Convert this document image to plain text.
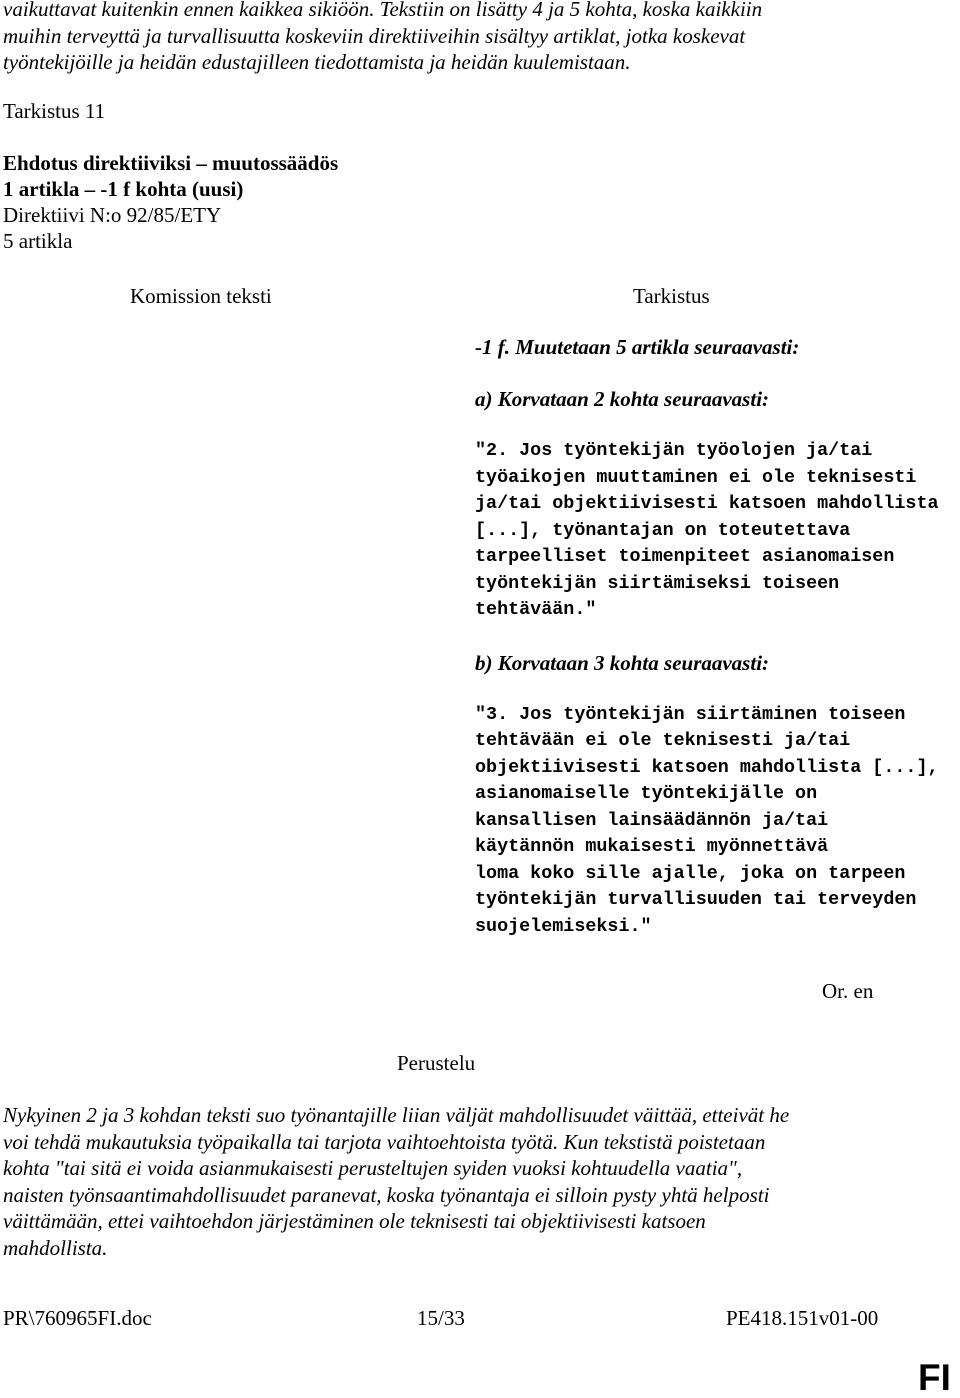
vaikuttavat kuitenkin ennen kaikkea sikiöön. Tekstiin on lisätty 4 ja 5 kohta, koska kaikkiin
muihin terveyttä ja turvallisuutta koskeviin direktiiveihin sisältyy artiklat, jotka koskevat
työntekijöille ja heidän edustajilleen tiedottamista ja heidän kuulemistaan.
Tarkistus 11
Ehdotus direktiiviksi – muutossäädös
1 artikla – -1 f kohta (uusi)
Direktiivi N:o 92/85/ETY
5 artikla
Komission teksti	Tarkistus
-1 f. Muutetaan 5 artikla seuraavasti:
a) Korvataan 2 kohta seuraavasti:
"2. Jos työntekijän työolojen ja/tai
työaikojen muuttaminen ei ole teknisesti
ja/tai objektiivisesti katsoen mahdollista
[...], työnantajan on toteutettava
tarpeelliset toimenpiteet asianomaisen
työntekijän siirtämiseksi toiseen
tehtävään."
b) Korvataan 3 kohta seuraavasti:
"3. Jos työntekijän siirtäminen toiseen
tehtävään ei ole teknisesti ja/tai
objektiivisesti katsoen mahdollista [...],
asianomaiselle työntekijälle on
kansallisen lainsäädännön ja/tai
käytännön mukaisesti myönnettävä
loma koko sille ajalle, joka on tarpeen
työntekijän turvallisuuden tai terveyden
suojelemiseksi."
Or. en
Perustelu
Nykyinen 2 ja 3 kohdan teksti suo työnantajille liian väljät mahdollisuudet väittää, etteivät he
voi tehdä mukautuksia työpaikalla tai tarjota vaihtoehtoista työtä. Kun tekstistä poistetaan
kohta "tai sitä ei voida asianmukaisesti perusteltujen syiden vuoksi kohtuudella vaatia",
naisten työnsaantimahdollisuudet paranevat, koska työnantaja ei silloin pysty yhtä helposti
väittämään, ettei vaihtoehdon järjestäminen ole teknisesti tai objektiivisesti katsoen
mahdollista.
PR\760965FI.doc	15/33	PE418.151v01-00
FI
